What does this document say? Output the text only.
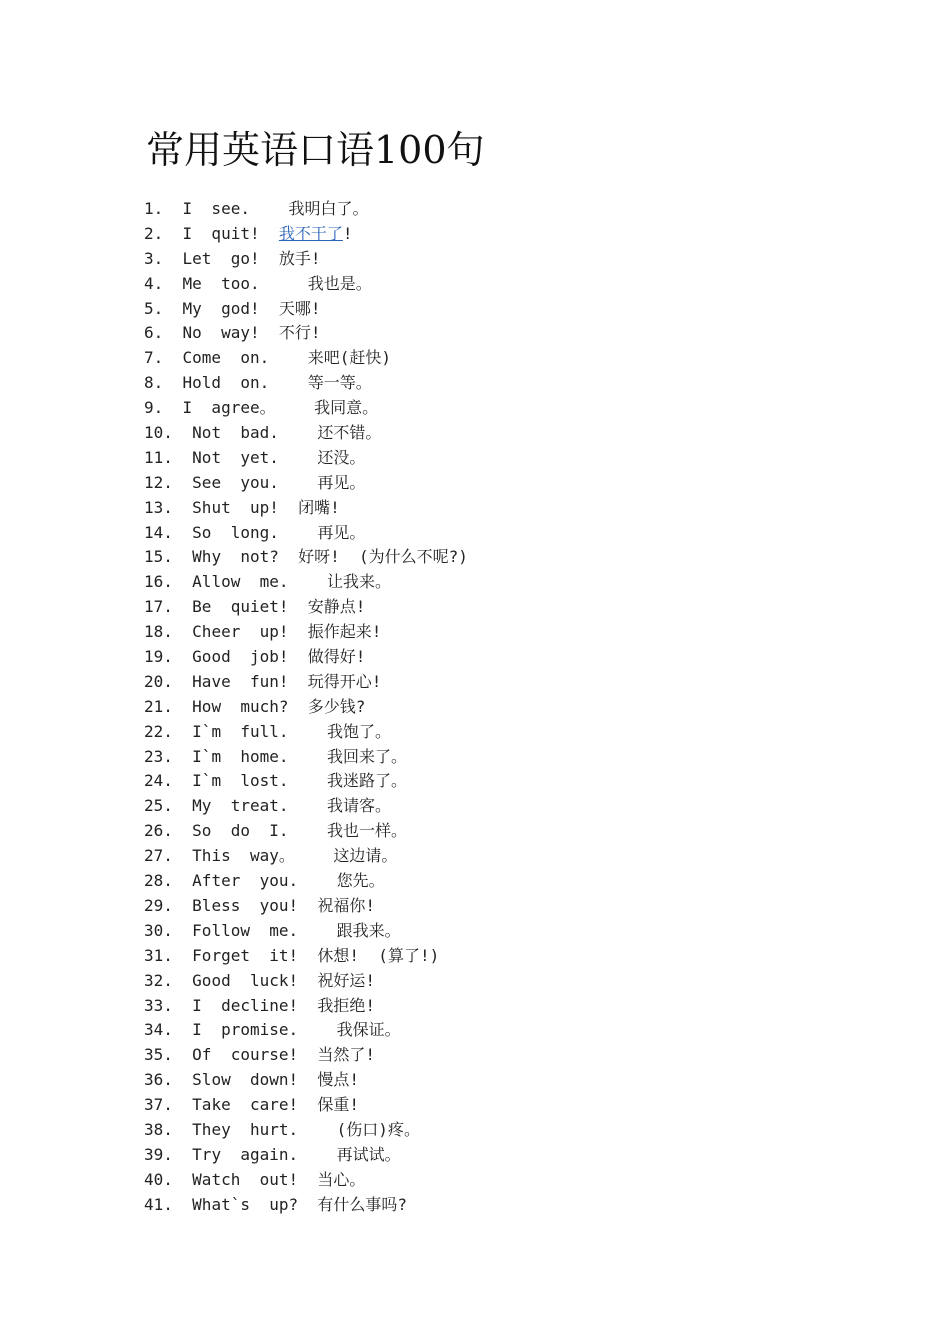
常用英语口语100句
1. I  see.    我明白了。
2. I  quit! 我不干了!
3. Let  go! 放手!
4. Me  too.     我也是。
5. My  god! 天哪!
6. No  way! 不行!
7. Come  on.    来吧(赶快)
8. Hold  on.    等一等。
9. I  agree。    我同意。
10. Not  bad.    还不错。
11. Not  yet.    还没。
12. See  you.    再见。
13. Shut  up! 闭嘴!
14. So  long.    再见。
15. Why  not? 好呀!  (为什么不呢?)
16. Allow  me.    让我来。
17. Be  quiet! 安静点!
18. Cheer  up! 振作起来!
19. Good  job! 做得好!
20. Have  fun! 玩得开心!
21. How  much? 多少钱?
22. I`m  full.    我饱了。
23. I`m  home.    我回来了。
24. I`m  lost.    我迷路了。
25. My  treat.    我请客。
26. So  do  I.    我也一样。
27. This  way。    这边请。
28. After  you.    您先。
29. Bless  you! 祝福你!
30. Follow  me.    跟我来。
31. Forget  it! 休想!  (算了!)
32. Good  luck! 祝好运!
33. I  decline! 我拒绝!
34. I  promise.    我保证。
35. Of  course! 当然了!
36. Slow  down! 慢点!
37. Take  care! 保重!
38. They  hurt.    (伤口)疼。
39. Try  again.    再试试。
40. Watch  out! 当心。
41. What`s  up? 有什么事吗?
